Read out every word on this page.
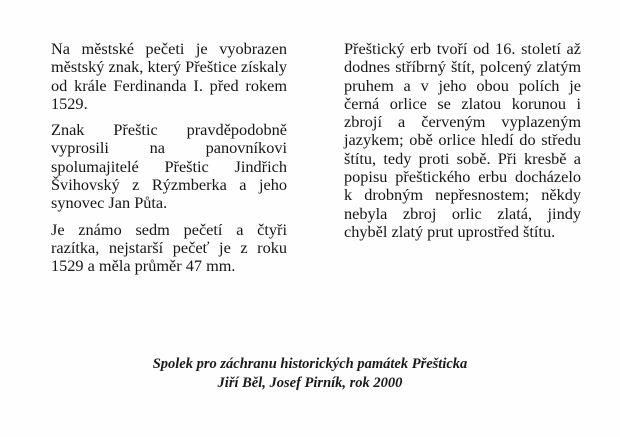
Na městské pečeti je vyobrazen městský znak, který Přeštice získaly od krále Ferdinanda I. před rokem 1529.

Znak Přeštic pravděpodobně vyprosili na panovníkovi spolumajitelé Přeštic Jindřich Švihovský z Rýzmberka a jeho synovec Jan Půta.

Je známo sedm pečetí a čtyři razítka, nejstarší pečeť je z roku 1529 a měla průměr 47 mm.

Přeštický erb tvoří od 16. století až dodnes stříbrný štít, polcený zlatým pruhem a v jeho obou polích je černá orlice se zlatou korunou i zbrojí a červeným vyplazeným jazykem; obě orlice hledí do středu štítu, tedy proti sobě. Při kresbě a popisu přeštického erbu docházelo k drobným nepřesnostem; někdy nebyla zbroj orlic zlatá, jindy chyběl zlatý prut uprostřed štítu.

Spolek pro záchranu historických památek Přešticka
Jiří Běl, Josef Pirník, rok 2000
